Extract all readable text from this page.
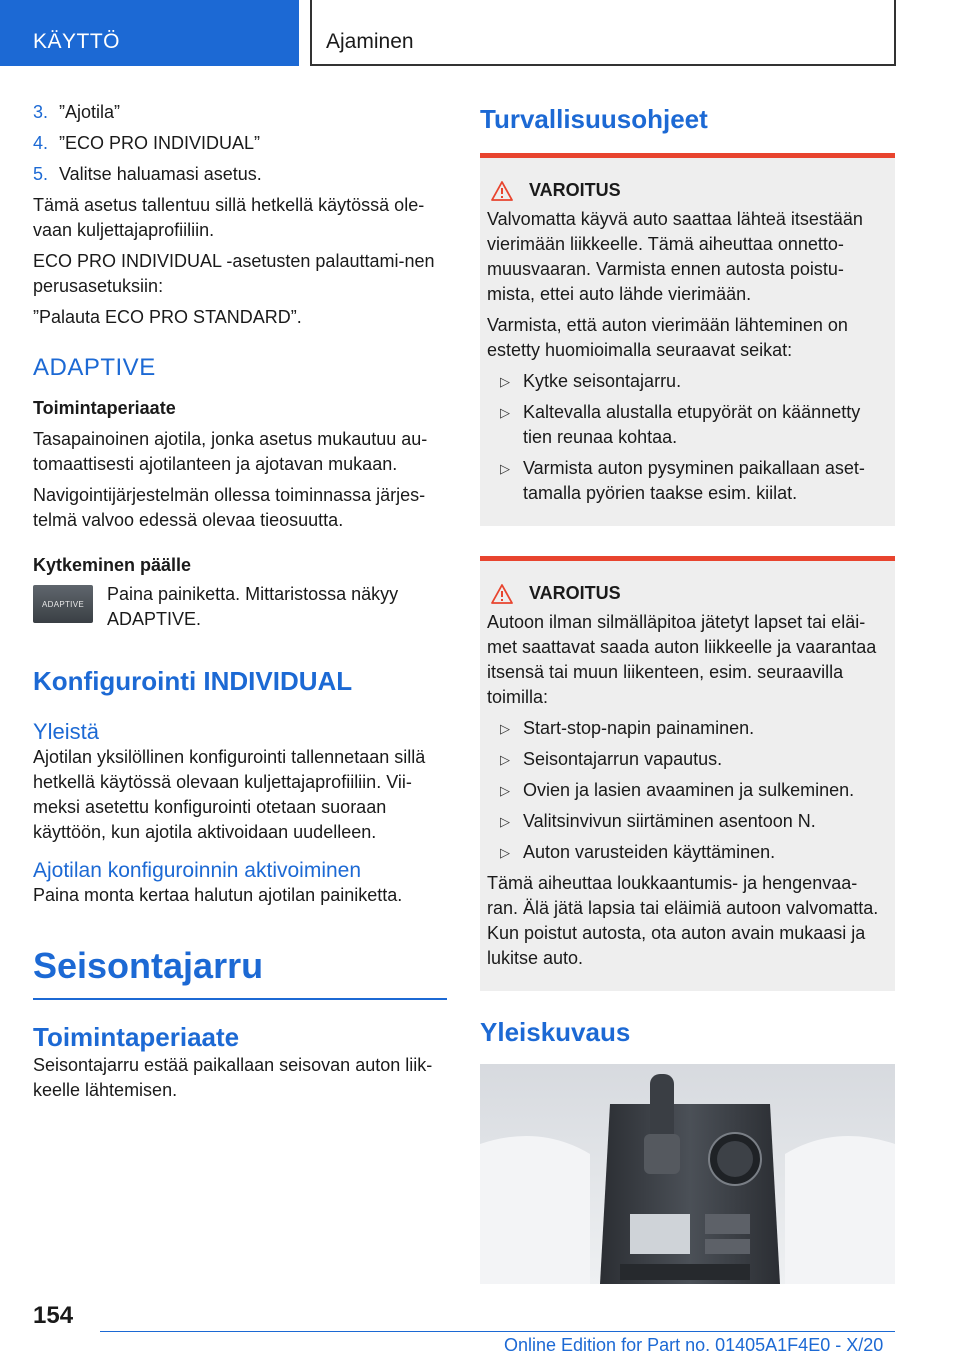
KÄYTTÖ	Ajaminen
3. ”Ajotila”
4. ”ECO PRO INDIVIDUAL”
5. Valitse haluamasi asetus.

Tämä asetus tallentuu sillä hetkellä käytössä ole-vaan kuljettajaprofiiliin.

ECO PRO INDIVIDUAL -asetusten palauttami-nen perusasetuksiin:

”Palauta ECO PRO STANDARD”.

ADAPTIVE
Toimintaperiaate

Tasapainoinen ajotila, jonka asetus mukautuu au-tomaattisesti ajotilanteen ja ajotavan mukaan.

Navigointijärjestelmän ollessa toiminnassa järjes-telmä valvoo edessä olevaa tieosuutta.

Kytkeminen päälle
ADAPTIVE	Paina painiketta. Mittaristossa näkyy ADAPTIVE.

Konfigurointi INDIVIDUAL
Yleistä

Ajotilan yksilöllinen konfigurointi tallennetaan sillä hetkellä käytössä olevaan kuljettajaprofiiliin. Vii-meksi asetettu konfigurointi otetaan suoraan käyttöön, kun ajotila aktivoidaan uudelleen.

Ajotilan konfiguroinnin aktivoiminen

Paina monta kertaa halutun ajotilan painiketta.

Seisontajarru
Toimintaperiaate

Seisontajarru estää paikallaan seisovan auton liik-keelle lähtemisen.

Turvallisuusohjeet
VAROITUS

Valvomatta käyvä auto saattaa lähteä itsestään vierimään liikkeelle. Tämä aiheuttaa onnetto-muusvaaran. Varmista ennen autosta poistu-mista, ettei auto lähde vierimään.

Varmista, että auton vierimään lähteminen on estetty huomioimalla seuraavat seikat:

▷ Kytke seisontajarru.
▷ Kaltevalla alustalla etupyörät on käännetty tien reunaa kohtaa.
▷ Varmista auton pysyminen paikallaan aset-tamalla pyörien taakse esim. kiilat.
VAROITUS

Autoon ilman silmälläpitoa jätetyt lapset tai eläi-met saattavat saada auton liikkeelle ja vaarantaa itsensä tai muun liikenteen, esim. seuraavilla toimilla:

▷ Start-stop-napin painaminen.
▷ Seisontajarrun vapautus.
▷ Ovien ja lasien avaaminen ja sulkeminen.
▷ Valitsinvivun siirtäminen asentoon N.
▷ Auton varusteiden käyttäminen.

Tämä aiheuttaa loukkaantumis- ja hengenvaa-ran. Älä jätä lapsia tai eläimiä autoon valvomatta. Kun poistut autosta, ota auton avain mukaasi ja lukitse auto.

Yleiskuvaus
154
Online Edition for Part no. 01405A1F4E0 - X/20
